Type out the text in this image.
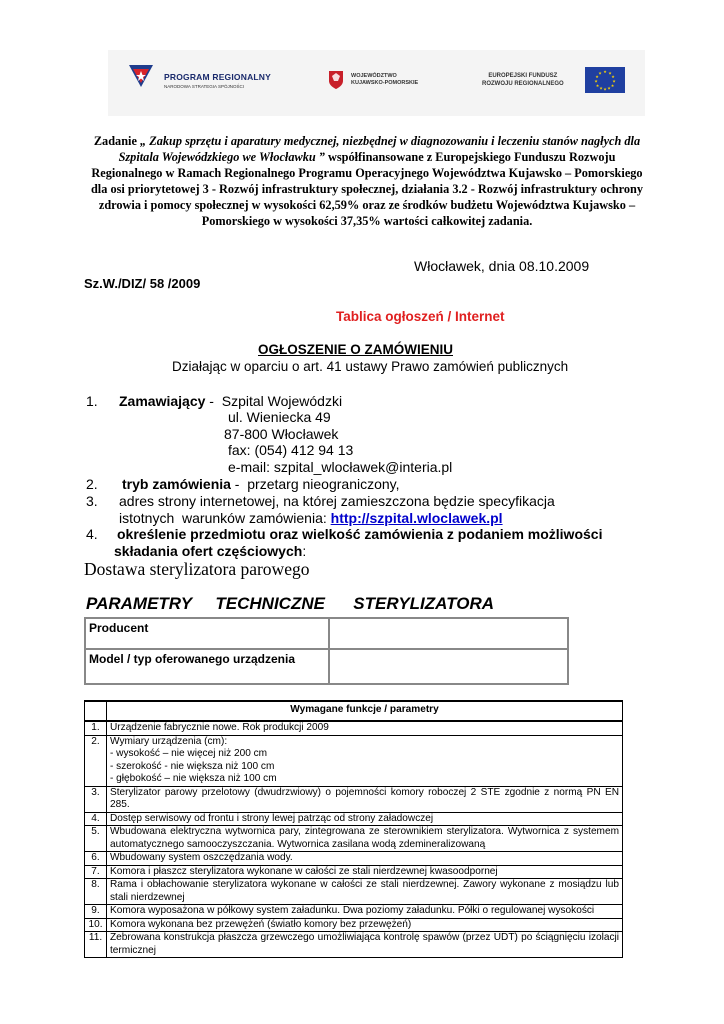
PROGRAM REGIONALNY
NARODOWA STRATEGIA SPÓJNOŚCI
WOJEWÓDZTWO
KUJAWSKO-POMORSKIE
EUROPEJSKI FUNDUSZ
ROZWOJU REGIONALNEGO
★ ★
★
★
★
★
★
★
★
★
★
★
Zadanie „ Zakup sprzętu i aparatury medycznej, niezbędnej w diagnozowaniu i leczeniu stanów nagłych dla Szpitala Wojewódzkiego we Włocławku ” współfinansowane z Europejskiego Funduszu Rozwoju Regionalnego w Ramach Regionalnego Programu Operacyjnego Województwa Kujawsko – Pomorskiego dla osi priorytetowej 3 - Rozwój infrastruktury społecznej, działania 3.2 - Rozwój infrastruktury ochrony zdrowia i pomocy społecznej w wysokości 62,59% oraz ze środków budżetu Województwa Kujawsko – Pomorskiego w wysokości 37,35% wartości całkowitej zadania.
Włocławek, dnia 08.10.2009
Sz.W./DIZ/ 58 /2009
Tablica ogłoszeń / Internet
OGŁOSZENIE O ZAMÓWIENIU
Działając w oparciu o art. 41 ustawy Prawo zamówień publicznych
1. Zamawiający -  Szpital Wojewódzki
ul. Wieniecka 49
87-800 Włocławek
fax: (054) 412 94 13
e-mail: szpital_wlocławek@interia.pl
2. tryb zamówienia -  przetarg nieograniczony,
3. adres strony internetowej, na której zamieszczona będzie specyfikacja
istotnych  warunków zamówienia: http://szpital.wloclawek.pl
4. określenie przedmiotu oraz wielkość zamówienia z podaniem możliwości
składania ofert częściowych:
Dostawa sterylizatora parowego
PARAMETRY     TECHNICZNE      STERYLIZATORA
Producent	
Model / typ oferowanego urządzenia	
	Wymagane funkcje / parametry
1.	Urządzenie fabrycznie nowe. Rok produkcji 2009
2.	Wymiary urządzenia (cm):
- wysokość – nie więcej niż 200 cm
- szerokość - nie większa niż 100 cm
- głębokość – nie większa niż 100 cm
3.	Sterylizator parowy przelotowy (dwudrzwiowy) o pojemności komory roboczej 2 STE zgodnie z normą PN EN 285.
4.	Dostęp serwisowy od frontu i strony lewej patrząc od strony załadowczej
5.	Wbudowana elektryczna wytwornica pary, zintegrowana ze sterownikiem sterylizatora. Wytwornica z systemem automatycznego samooczyszczania. Wytwornica zasilana wodą zdemineralizowaną
6.	Wbudowany system oszczędzania wody.
7.	Komora i płaszcz sterylizatora wykonane w całości ze stali nierdzewnej kwasoodpornej
8.	Rama i obłachowanie sterylizatora wykonane w całości ze stali nierdzewnej. Zawory wykonane z mosiądzu lub stali nierdzewnej
9.	Komora wyposażona w półkowy system załadunku. Dwa poziomy załadunku. Półki o regulowanej wysokości
10.	Komora wykonana bez przewężeń (światło komory bez przewężeń)
11.	Żebrowana konstrukcja płaszcza grzewczego umożliwiająca kontrolę spawów (przez UDT) po ściągnięciu izolacji termicznej
